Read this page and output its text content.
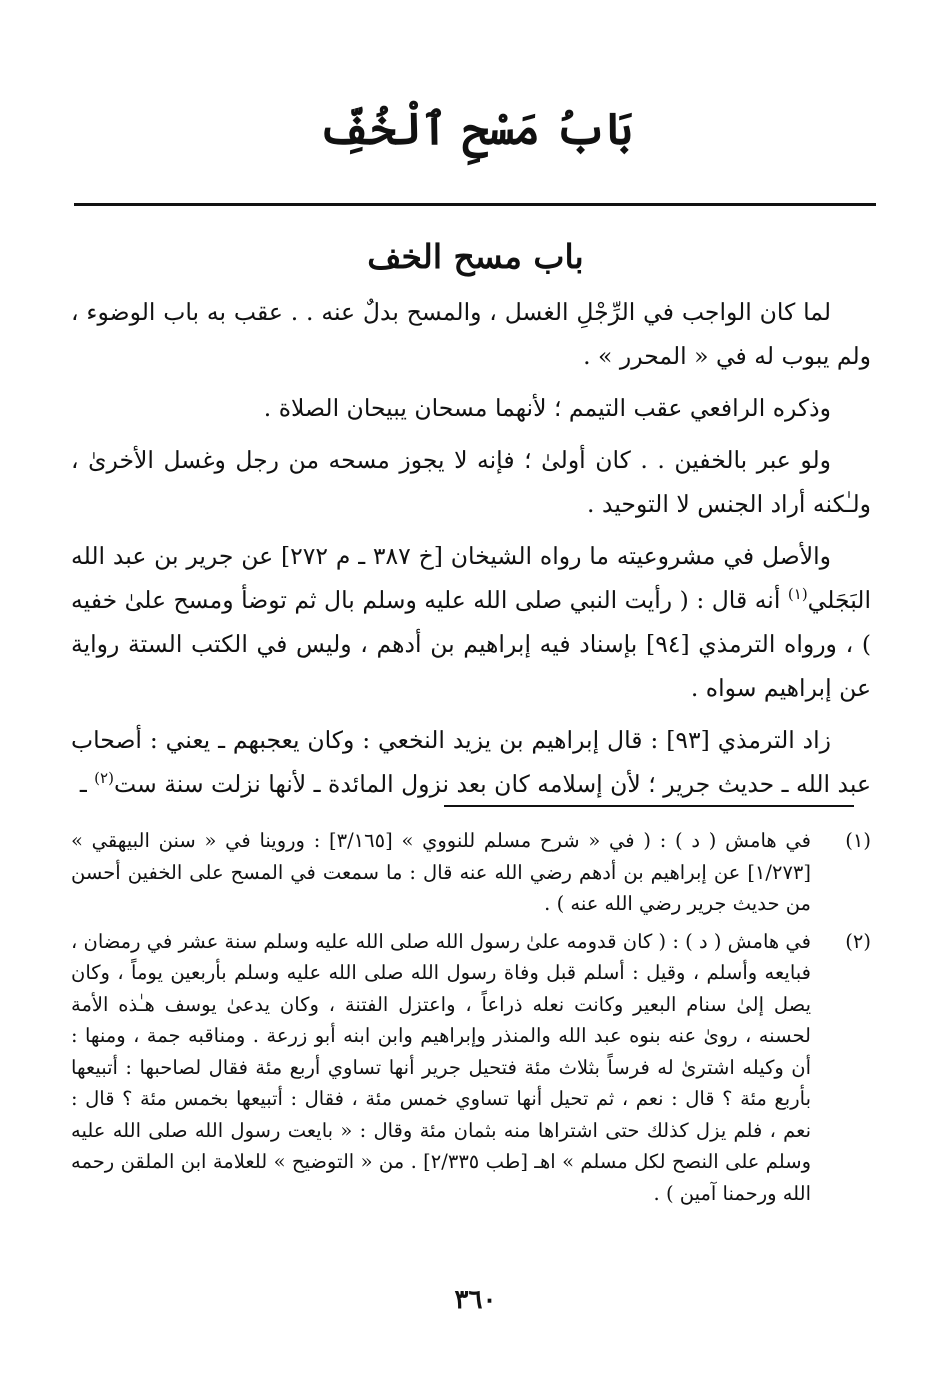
بَابُ مَسْحِ ٱلْخُفِّ
باب مسح الخف

لما كان الواجب في الرِّجْلِ الغسل ، والمسح بدلٌ عنه . . عقب به باب الوضوء ، ولم يبوب له في « المحرر » .

وذكره الرافعي عقب التيمم ؛ لأنهما مسحان يبيحان الصلاة .

ولو عبر بالخفين . . كان أولىٰ ؛ فإنه لا يجوز مسحه من رجل وغسل الأخرىٰ ، ولـٰكنه أراد الجنس لا التوحيد .

والأصل في مشروعيته ما رواه الشيخان [خ ٣٨٧ ـ م ٢٧٢] عن جرير بن عبد الله البَجَلي$^{(١)}$ أنه قال : ( رأيت النبي صلى الله عليه وسلم بال ثم توضأ ومسح علىٰ خفيه ) ، ورواه الترمذي [٩٤] بإسناد فيه إبراهيم بن أدهم ، وليس في الكتب الستة رواية عن إبراهيم سواه .

زاد الترمذي [٩٣] : قال إبراهيم بن يزيد النخعي : وكان يعجبهم ـ يعني : أصحاب عبد الله ـ حديث جرير ؛ لأن إسلامه كان بعد نزول المائدة ـ لأنها نزلت سنة ست$^{(٢)}$ ـ

(١)
في هامش ( د ) : ( في « شرح مسلم للنووي » [٣/١٦٥] : وروينا في « سنن البيهقي » [١/٢٧٣] عن إبراهيم بن أدهم رضي الله عنه قال : ما سمعت في المسح على الخفين أحسن من حديث جرير رضي الله عنه ) .
(٢)
في هامش ( د ) : ( كان قدومه علىٰ رسول الله صلى الله عليه وسلم سنة عشر في رمضان ، فبايعه وأسلم ، وقيل : أسلم قبل وفاة رسول الله صلى الله عليه وسلم بأربعين يوماً ، وكان يصل إلىٰ سنام البعير وكانت نعله ذراعاً ، واعتزل الفتنة ، وكان يدعىٰ يوسف هـٰذه الأمة لحسنه ، روىٰ عنه بنوه عبد الله والمنذر وإبراهيم وابن ابنه أبو زرعة . ومناقبه جمة ، ومنها : أن وكيله اشترىٰ له فرساً بثلاث مئة فتحيل جرير أنها تساوي أربع مئة فقال لصاحبها : أتبيعها بأربع مئة ؟ قال : نعم ، ثم تحيل أنها تساوي خمس مئة ، فقال : أتبيعها بخمس مئة ؟ قال : نعم ، فلم يزل كذلك حتى اشتراها منه بثمان مئة وقال : « بايعت رسول الله صلى الله عليه وسلم على النصح لكل مسلم » اهـ [طب ٢/٣٣٥] . من « التوضيح » للعلامة ابن الملقن رحمه الله ورحمنا آمين ) .
٣٦٠
